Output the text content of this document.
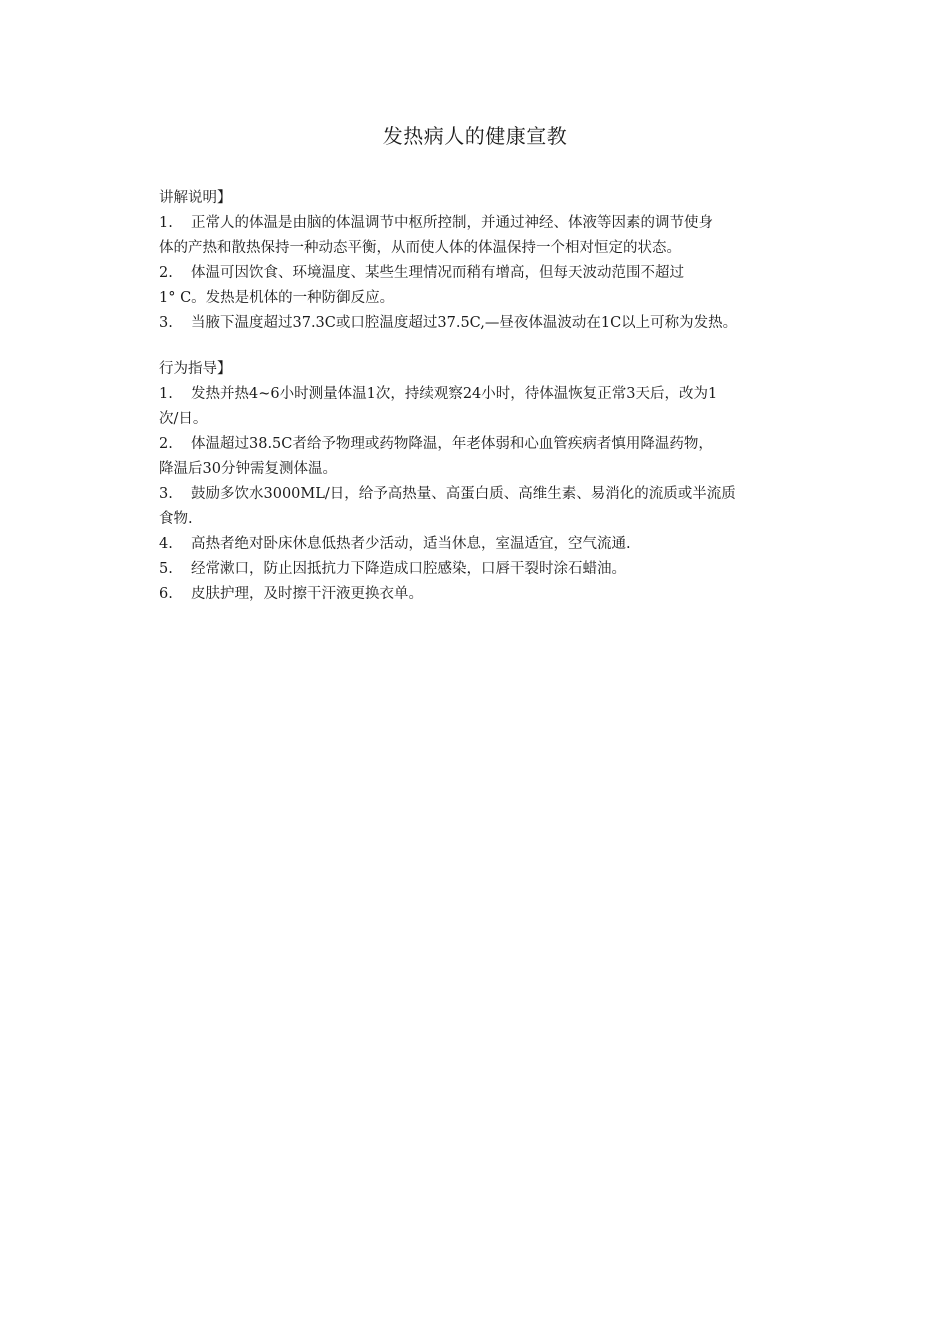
发热病人的健康宣教

讲解说明】

1. 正常人的体温是由脑的体温调节中枢所控制，并通过神经、体液等因素的调节使身
体的产热和散热保持一种动态平衡，从而使人体的体温保持一个相对恒定的状态。

2. 体温可因饮食、环境温度、某些生理情况而稍有增高，但每天波动范围不超过
1° C。发热是机体的一种防御反应。

3. 当腋下温度超过37.3C或口腔温度超过37.5C,—昼夜体温波动在1C以上可称为发热。

行为指导】

1. 发热并热4~6小时测量体温1次，持续观察24小时，待体温恢复正常3天后，改为1
次/日。

2. 体温超过38.5C者给予物理或药物降温，年老体弱和心血管疾病者慎用降温药物，
降温后30分钟需复测体温。

3. 鼓励多饮水3000ML/日，给予高热量、高蛋白质、高维生素、易消化的流质或半流质
食物.

4. 高热者绝对卧床休息低热者少活动，适当休息，室温适宜，空气流通.

5. 经常漱口，防止因抵抗力下降造成口腔感染，口唇干裂时涂石蜡油。

6. 皮肤护理，及时擦干汗液更换衣单。
